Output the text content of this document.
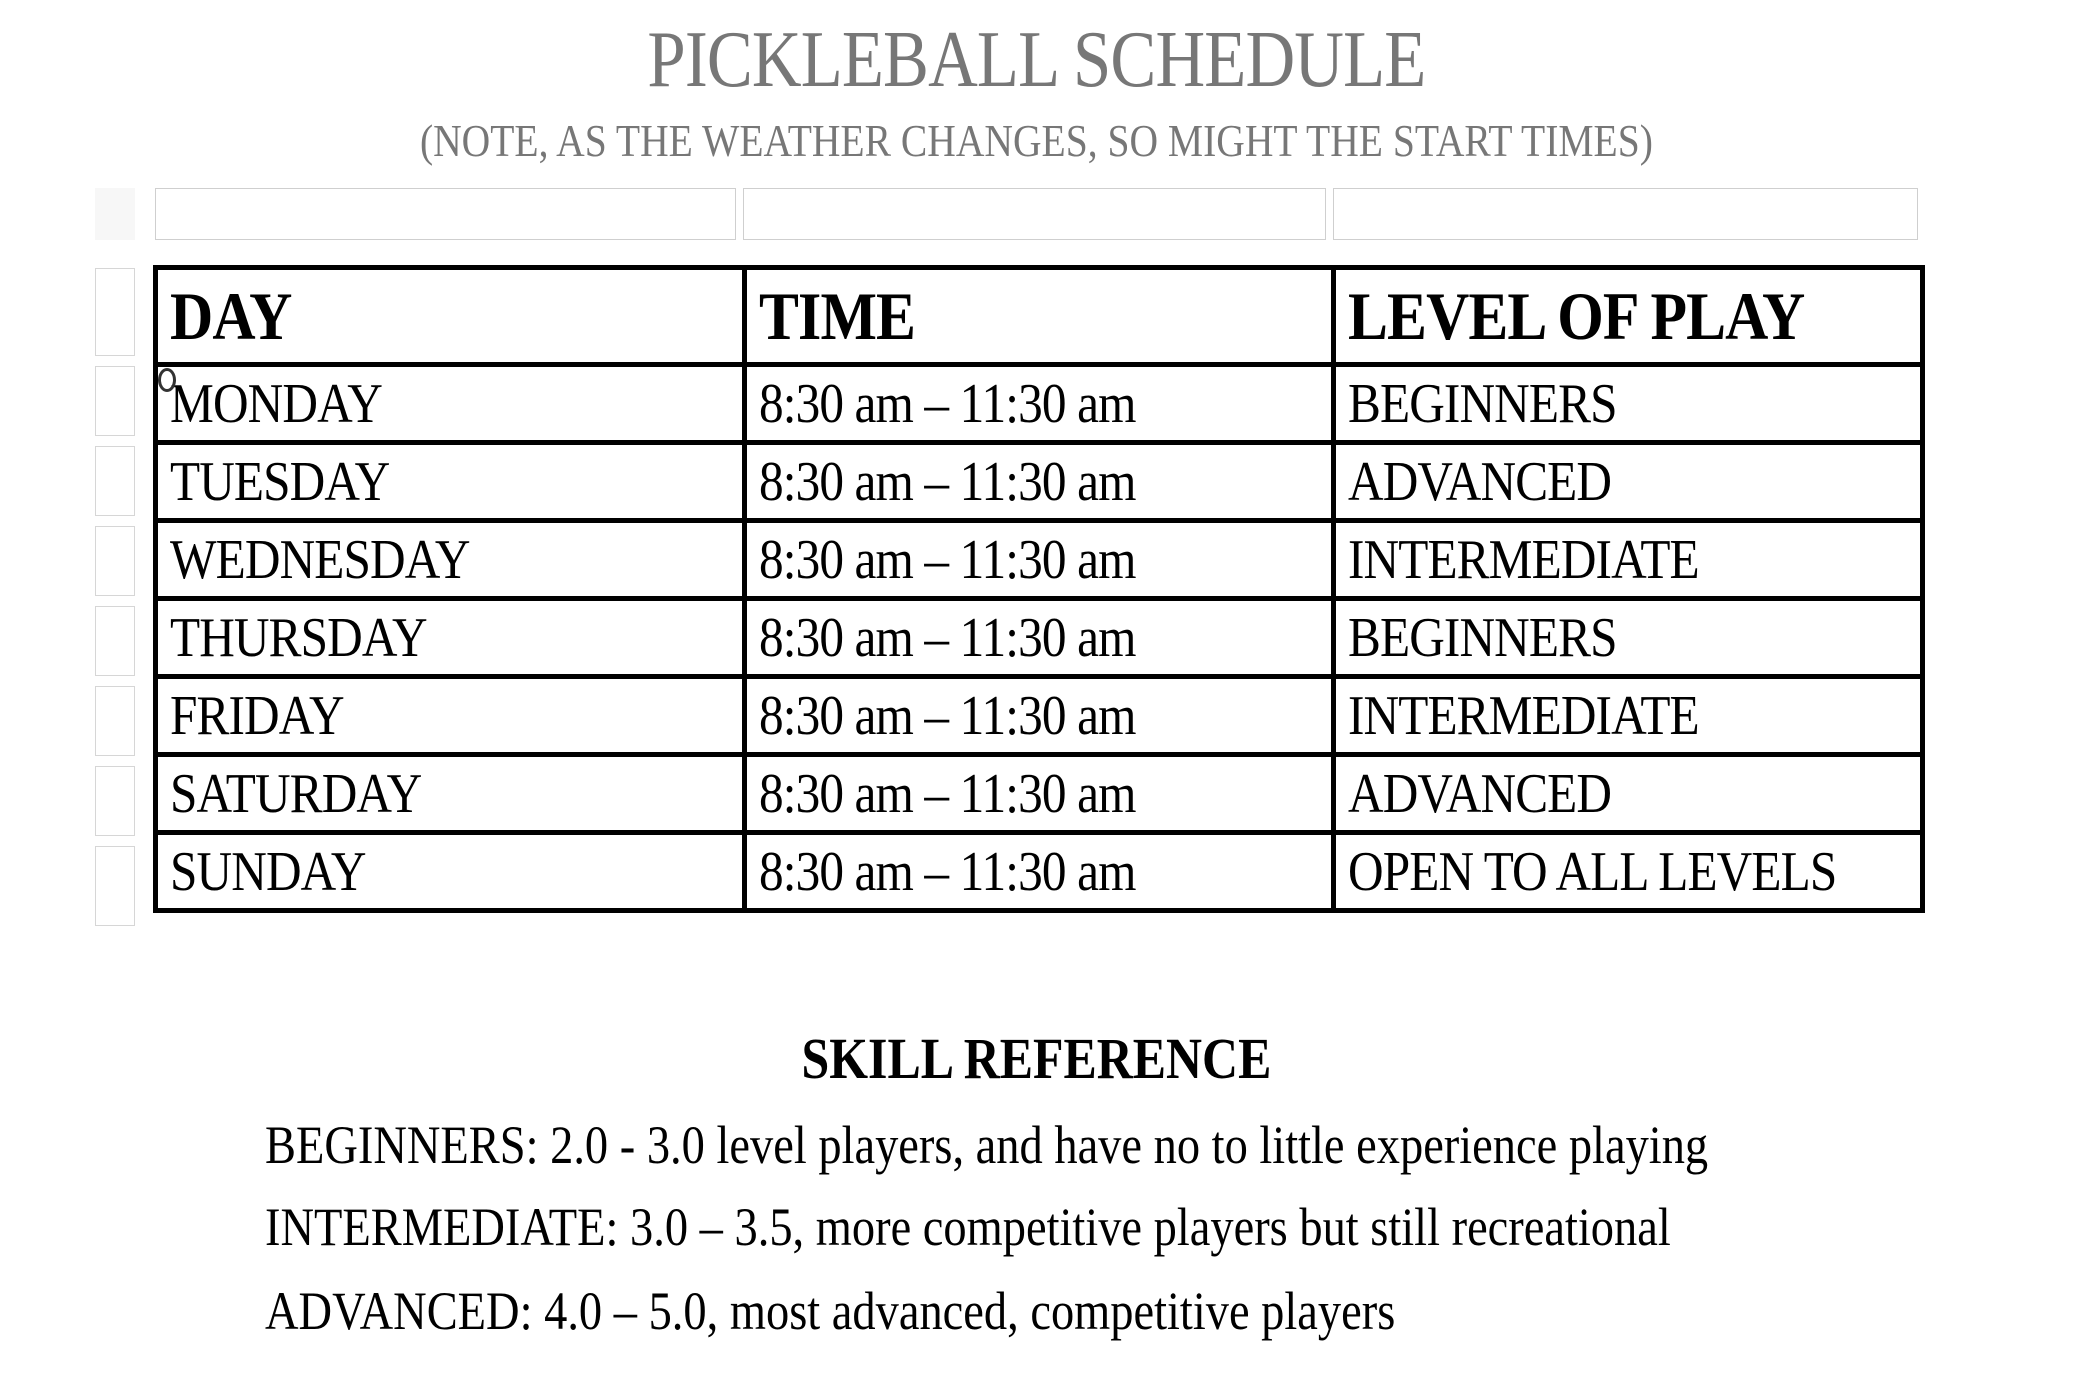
PICKLEBALL SCHEDULE
(NOTE, AS THE WEATHER CHANGES, SO MIGHT THE START TIMES)
DAY	TIME	LEVEL OF PLAY
MONDAY	8:30 am – 11:30 am	BEGINNERS
TUESDAY	8:30 am – 11:30 am	ADVANCED
WEDNESDAY	8:30 am – 11:30 am	INTERMEDIATE
THURSDAY	8:30 am – 11:30 am	BEGINNERS
FRIDAY	8:30 am – 11:30 am	INTERMEDIATE
SATURDAY	8:30 am – 11:30 am	ADVANCED
SUNDAY	8:30 am – 11:30 am	OPEN TO ALL LEVELS
SKILL REFERENCE
BEGINNERS: 2.0 - 3.0 level players, and have no to little experience playing
INTERMEDIATE: 3.0 – 3.5, more competitive players but still recreational
ADVANCED: 4.0 – 5.0, most advanced, competitive players
